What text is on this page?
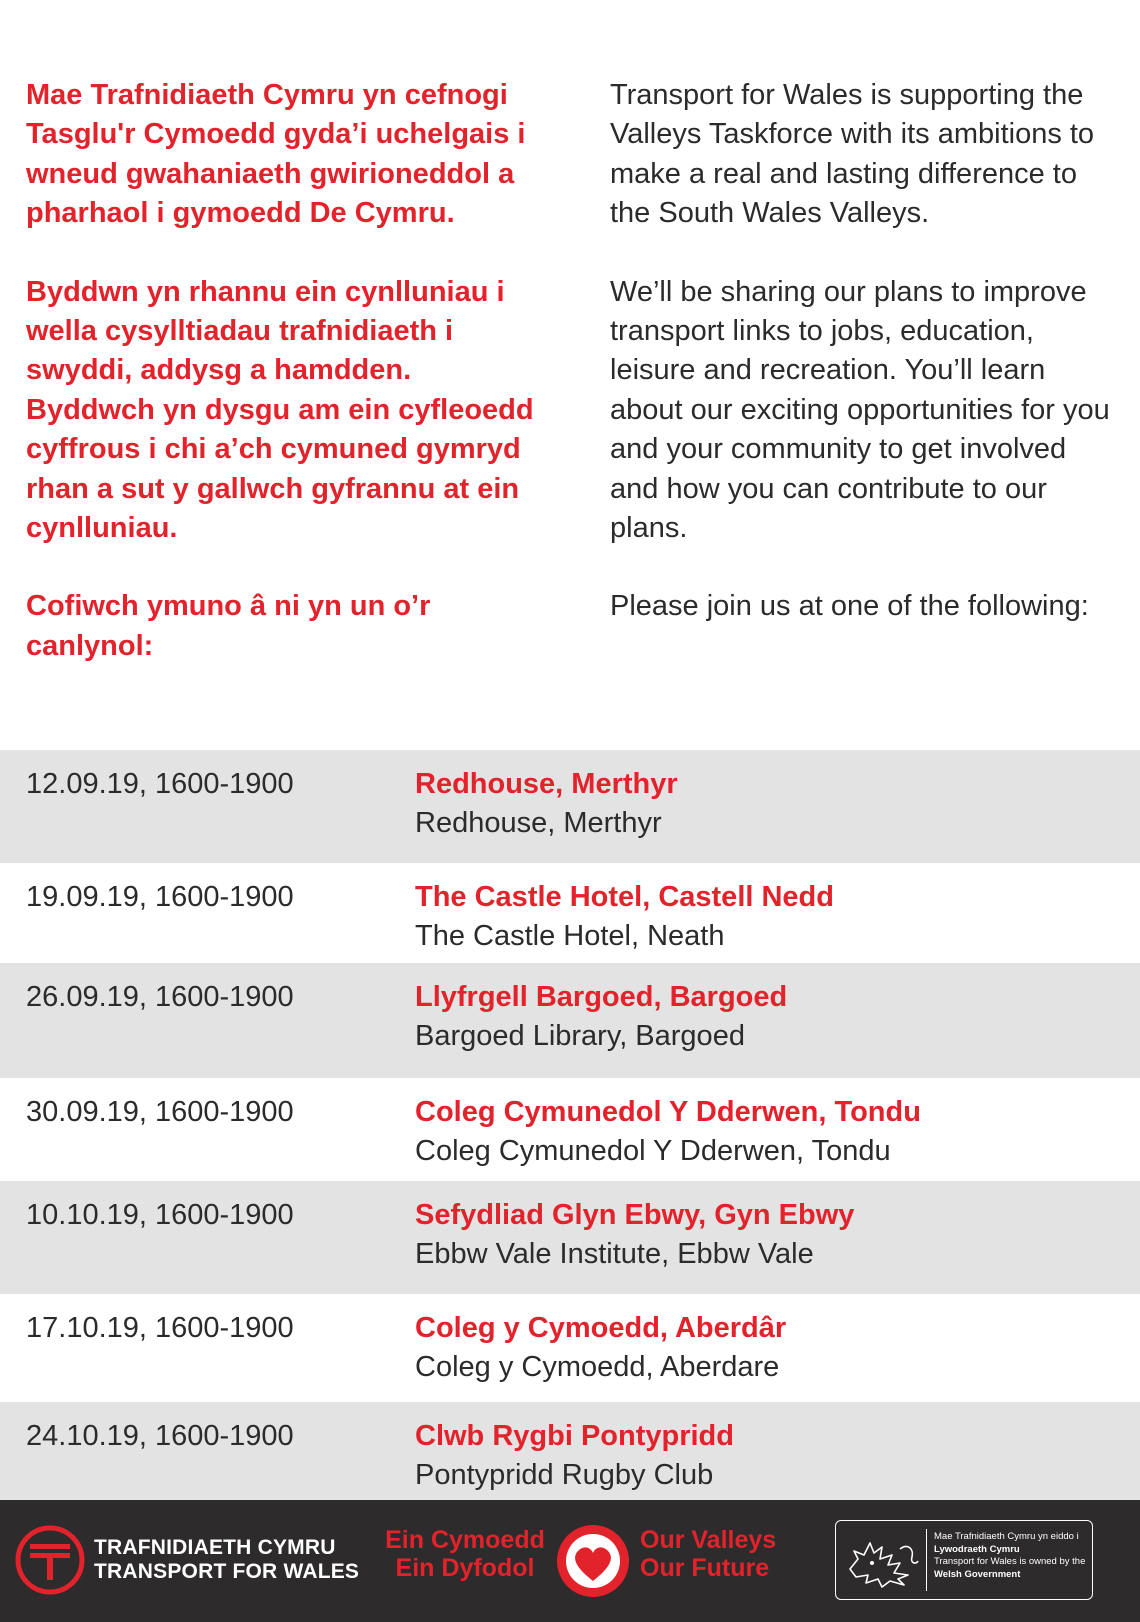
Mae Trafnidiaeth Cymru yn cefnogi Tasglu'r Cymoedd gyda’i uchelgais i wneud gwahaniaeth gwirioneddol a pharhaol i gymoedd De Cymru.

Byddwn yn rhannu ein cynlluniau i wella cysylltiadau trafnidiaeth i swyddi, addysg a hamdden. Byddwch yn dysgu am ein cyfleoedd cyffrous i chi a’ch cymuned gymryd rhan a sut y gallwch gyfrannu at ein cynlluniau.

Cofiwch ymuno â ni yn un o’r canlynol:

Transport for Wales is supporting the Valleys Taskforce with its ambitions to make a real and lasting difference to the South Wales Valleys.

We’ll be sharing our plans to improve transport links to jobs, education, leisure and recreation. You’ll learn about our exciting opportunities for you and your community to get involved and how you can contribute to our plans.

Please join us at one of the following:

12.09.19, 1600-1900	Redhouse, Merthyr
Redhouse, Merthyr
19.09.19, 1600-1900	The Castle Hotel, Castell Nedd
The Castle Hotel, Neath
26.09.19, 1600-1900	Llyfrgell Bargoed, Bargoed
Bargoed Library, Bargoed
30.09.19, 1600-1900	Coleg Cymunedol Y Dderwen, Tondu
Coleg Cymunedol Y Dderwen, Tondu
10.10.19, 1600-1900	Sefydliad Glyn Ebwy, Gyn Ebwy
Ebbw Vale Institute, Ebbw Vale
17.10.19, 1600-1900	Coleg y Cymoedd, Aberdâr
Coleg y Cymoedd, Aberdare
24.10.19, 1600-1900	Clwb Rygbi Pontypridd
Pontypridd Rugby Club
TRAFNIDIAETH CYMRU
TRANSPORT FOR WALES
Ein Cymoedd
Ein Dyfodol
Our Valleys
Our Future
Mae Trafnidiaeth Cymru yn eiddo i
Lywodraeth Cymru
Transport for Wales is owned by the
Welsh Government
